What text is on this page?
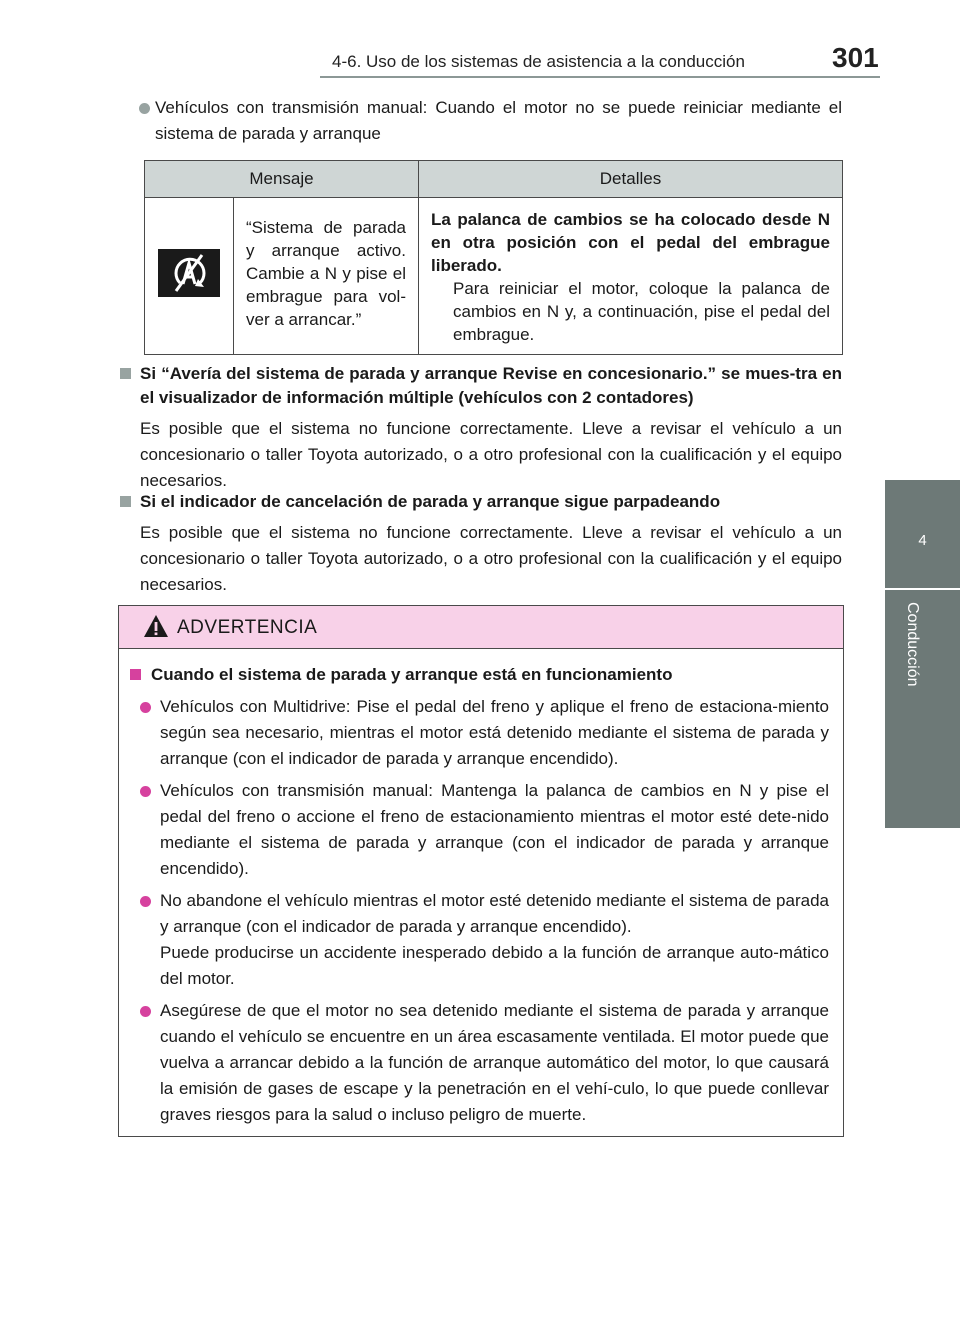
4-6. Uso de los sistemas de asistencia a la conducción	301
4
Conducción
Vehículos con transmisión manual: Cuando el motor no se puede reiniciar mediante el sistema de parada y arranque
Mensaje		Detalles
	“Sistema de parada y arranque activo. Cambie a N y pise el embrague para vol-ver a arrancar.”	La palanca de cambios se ha colocado desde N en otra posición con el pedal del embrague liberado.
Para reiniciar el motor, coloque la palanca de cambios en N y, a continuación, pise el pedal del embrague.
Si “Avería del sistema de parada y arranque Revise en concesionario.” se mues-tra en el visualizador de información múltiple (vehículos con 2 contadores)
Es posible que el sistema no funcione correctamente. Lleve a revisar el vehículo a un concesionario o taller Toyota autorizado, o a otro profesional con la cualificación y el equipo necesarios.
Si el indicador de cancelación de parada y arranque sigue parpadeando
Es posible que el sistema no funcione correctamente. Lleve a revisar el vehículo a un concesionario o taller Toyota autorizado, o a otro profesional con la cualificación y el equipo necesarios.
ADVERTENCIA
Cuando el sistema de parada y arranque está en funcionamiento
Vehículos con Multidrive: Pise el pedal del freno y aplique el freno de estaciona-miento según sea necesario, mientras el motor está detenido mediante el sistema de parada y arranque (con el indicador de parada y arranque encendido).
Vehículos con transmisión manual: Mantenga la palanca de cambios en N y pise el pedal del freno o accione el freno de estacionamiento mientras el motor esté dete-nido mediante el sistema de parada y arranque (con el indicador de parada y arranque encendido).
No abandone el vehículo mientras el motor esté detenido mediante el sistema de parada y arranque (con el indicador de parada y arranque encendido).
Puede producirse un accidente inesperado debido a la función de arranque auto-mático del motor.
Asegúrese de que el motor no sea detenido mediante el sistema de parada y arranque cuando el vehículo se encuentre en un área escasamente ventilada. El motor puede que vuelva a arrancar debido a la función de arranque automático del motor, lo que causará la emisión de gases de escape y la penetración en el vehí-culo, lo que puede conllevar graves riesgos para la salud o incluso peligro de muerte.
